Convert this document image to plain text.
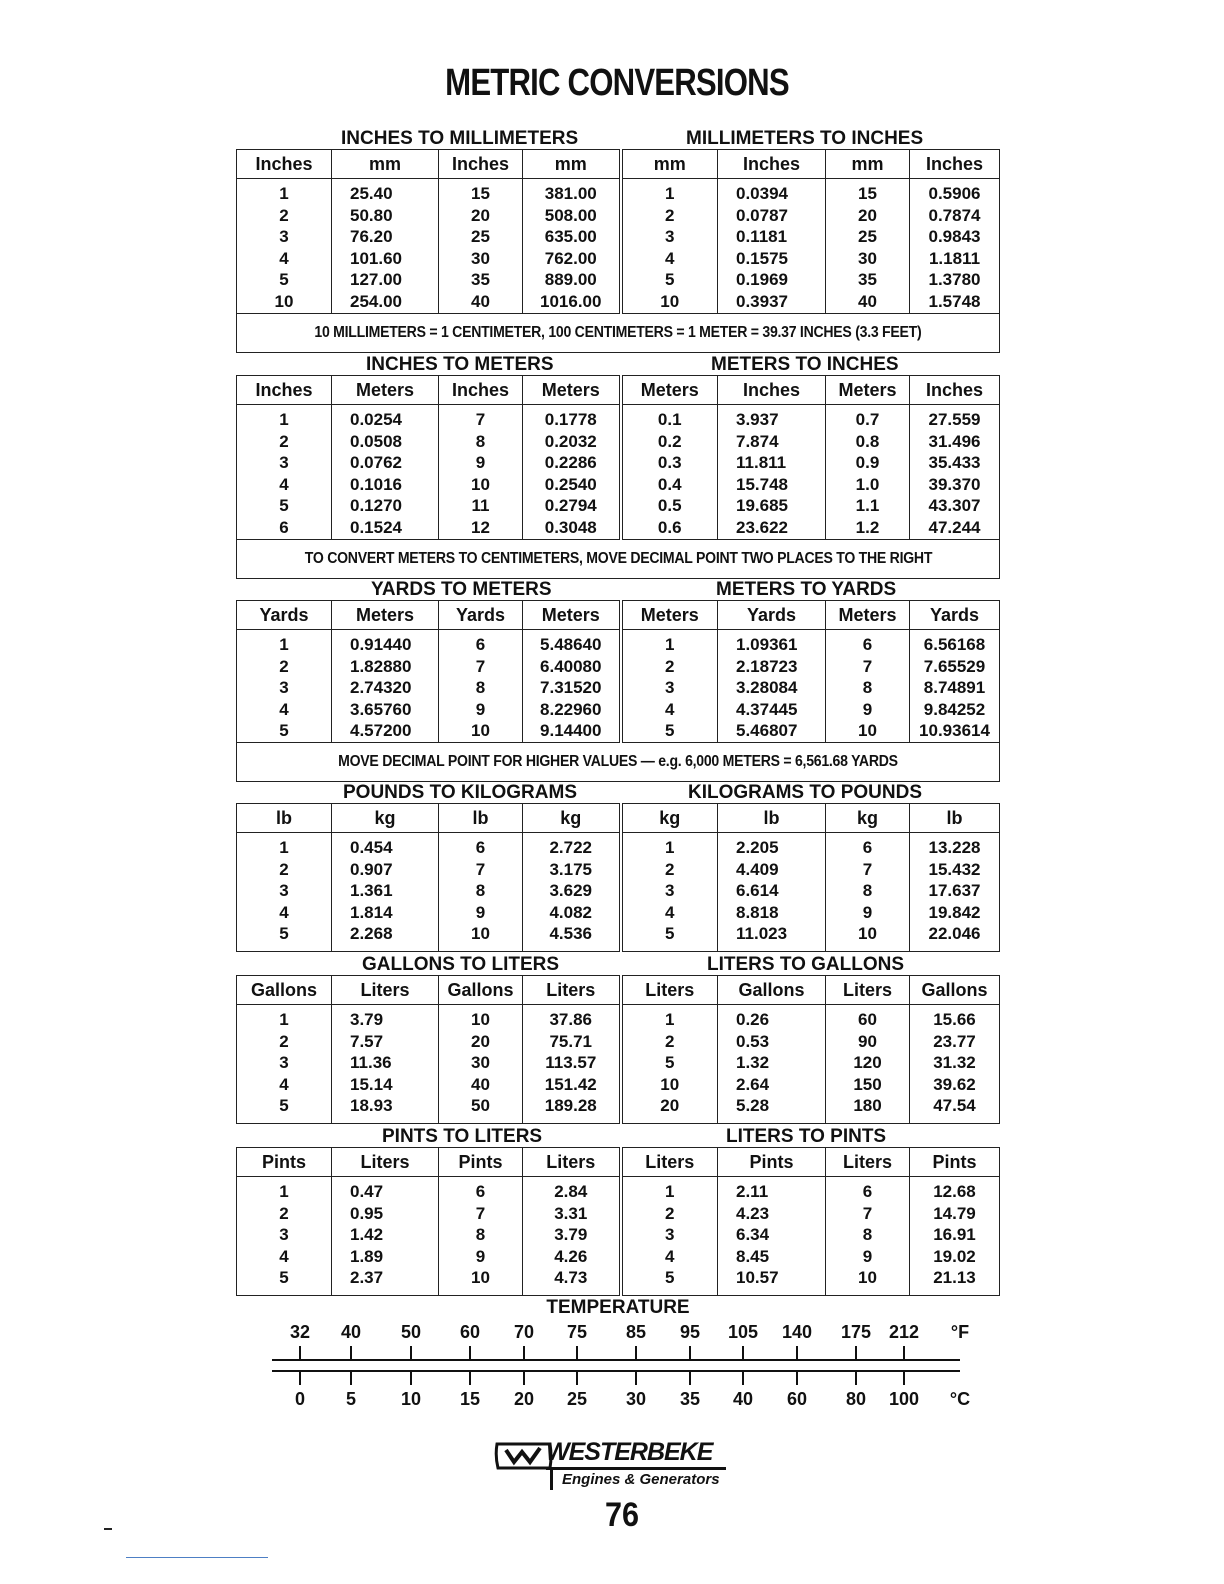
METRIC CONVERSIONS
INCHES TO MILLIMETERS	MILLIMETERS TO INCHES
Inches	mm	Inches	mm	mm	Inches	mm	Inches
1	25.40	15	381.00	1	0.0394	15	0.5906
2	50.80	20	508.00	2	0.0787	20	0.7874
3	76.20	25	635.00	3	0.1181	25	0.9843
4	101.60	30	762.00	4	0.1575	30	1.1811
5	127.00	35	889.00	5	0.1969	35	1.3780
10	254.00	40	1016.00	10	0.3937	40	1.5748
10 MILLIMETERS = 1 CENTIMETER, 100 CENTIMETERS = 1 METER = 39.37 INCHES (3.3 FEET)							
INCHES TO METERS	METERS TO INCHES
Inches	Meters	Inches	Meters	Meters	Inches	Meters	Inches
1	0.0254	7	0.1778	0.1	3.937	0.7	27.559
2	0.0508	8	0.2032	0.2	7.874	0.8	31.496
3	0.0762	9	0.2286	0.3	11.811	0.9	35.433
4	0.1016	10	0.2540	0.4	15.748	1.0	39.370
5	0.1270	11	0.2794	0.5	19.685	1.1	43.307
6	0.1524	12	0.3048	0.6	23.622	1.2	47.244
TO CONVERT METERS TO CENTIMETERS, MOVE DECIMAL POINT TWO PLACES TO THE RIGHT							
YARDS TO METERS	METERS TO YARDS
Yards	Meters	Yards	Meters	Meters	Yards	Meters	Yards
1	0.91440	6	5.48640	1	1.09361	6	6.56168
2	1.82880	7	6.40080	2	2.18723	7	7.65529
3	2.74320	8	7.31520	3	3.28084	8	8.74891
4	3.65760	9	8.22960	4	4.37445	9	9.84252
5	4.57200	10	9.14400	5	5.46807	10	10.93614
MOVE DECIMAL POINT FOR HIGHER VALUES — e.g. 6,000 METERS = 6,561.68 YARDS							
POUNDS TO KILOGRAMS	KILOGRAMS TO POUNDS
lb	kg	lb	kg	kg	lb	kg	lb
1	0.454	6	2.722	1	2.205	6	13.228
2	0.907	7	3.175	2	4.409	7	15.432
3	1.361	8	3.629	3	6.614	8	17.637
4	1.814	9	4.082	4	8.818	9	19.842
5	2.268	10	4.536	5	11.023	10	22.046

GALLONS TO LITERS	LITERS TO GALLONS
Gallons	Liters	Gallons	Liters	Liters	Gallons	Liters	Gallons
1	3.79	10	37.86	1	0.26	60	15.66
2	7.57	20	75.71	2	0.53	90	23.77
3	11.36	30	113.57	5	1.32	120	31.32
4	15.14	40	151.42	10	2.64	150	39.62
5	18.93	50	189.28	20	5.28	180	47.54

PINTS TO LITERS	LITERS TO PINTS
Pints	Liters	Pints	Liters	Liters	Pints	Liters	Pints
1	0.47	6	2.84	1	2.11	6	12.68
2	0.95	7	3.31	2	4.23	7	14.79
3	1.42	8	3.79	3	6.34	8	16.91
4	1.89	9	4.26	4	8.45	9	19.02
5	2.37	10	4.73	5	10.57	10	21.13

TEMPERATURE
32
0
40
5
50
10
60
15
70
20
75
25
85
30
95
35
105
40
140
60
175
80
212
100
°F
°C
WESTERBEKE
Engines & Generators
76
